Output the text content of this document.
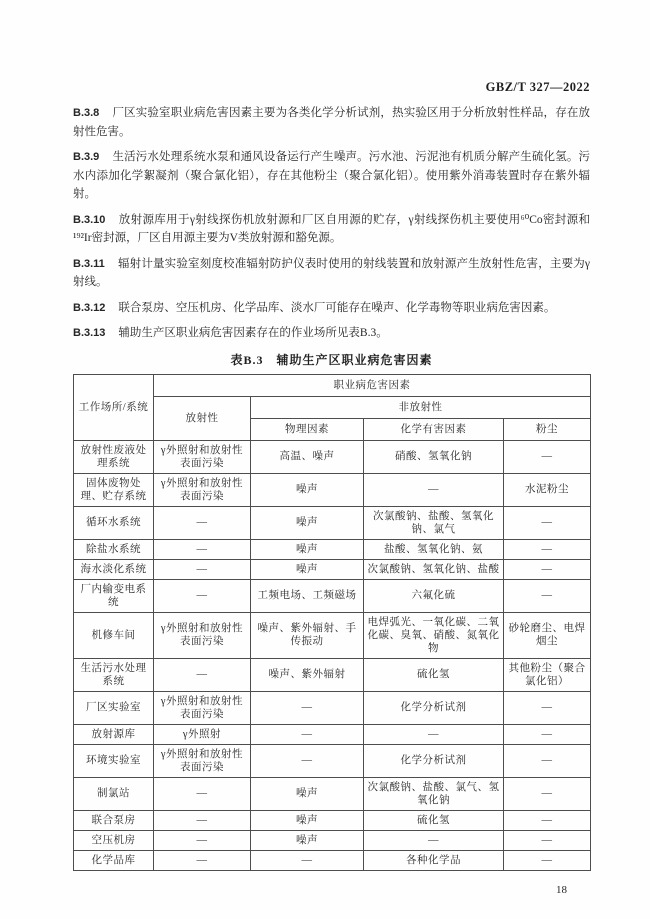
GBZ/T 327—2022
B.3.8 厂区实验室职业病危害因素主要为各类化学分析试剂，热实验区用于分析放射性样品，存在放射性危害。
B.3.9 生活污水处理系统水泵和通风设备运行产生噪声。污水池、污泥池有机质分解产生硫化氢。污水内添加化学絮凝剂（聚合氯化铝），存在其他粉尘（聚合氯化铝）。使用紫外消毒装置时存在紫外辐射。
B.3.10 放射源库用于γ射线探伤机放射源和厂区自用源的贮存，γ射线探伤机主要使用⁶⁰Co密封源和¹⁹²Ir密封源，厂区自用源主要为V类放射源和豁免源。
B.3.11 辐射计量实验室刻度校准辐射防护仪表时使用的射线装置和放射源产生放射性危害，主要为γ射线。
B.3.12 联合泵房、空压机房、化学品库、淡水厂可能存在噪声、化学毒物等职业病危害因素。
B.3.13 辅助生产区职业病危害因素存在的作业场所见表B.3。
表B.3　辅助生产区职业病危害因素
工作场所/系统	职业病危害因素			
	放射性	非放射性		
		物理因素	化学有害因素	粉尘
放射性废液处理系统	γ外照射和放射性表面污染	高温、噪声	硝酸、氢氧化钠	—
固体废物处理、贮存系统	γ外照射和放射性表面污染	噪声	—	水泥粉尘
循环水系统	—	噪声	次氯酸钠、盐酸、氢氧化钠、氯气	—
除盐水系统	—	噪声	盐酸、氢氧化钠、氨	—
海水淡化系统	—	噪声	次氯酸钠、氢氧化钠、盐酸	—
厂内输变电系统	—	工频电场、工频磁场	六氟化硫	—
机修车间	γ外照射和放射性表面污染	噪声、紫外辐射、手传振动	电焊弧光、一氧化碳、二氧化碳、臭氧、硝酸、氮氧化物	砂轮磨尘、电焊烟尘
生活污水处理系统	—	噪声、紫外辐射	硫化氢	其他粉尘（聚合氯化铝）
厂区实验室	γ外照射和放射性表面污染	—	化学分析试剂	—
放射源库	γ外照射	—	—	—
环境实验室	γ外照射和放射性表面污染	—	化学分析试剂	—
制氯站	—	噪声	次氯酸钠、盐酸、氯气、氢氧化钠	—
联合泵房	—	噪声	硫化氢	—
空压机房	—	噪声	—	—
化学品库	—	—	各种化学品	—
18
